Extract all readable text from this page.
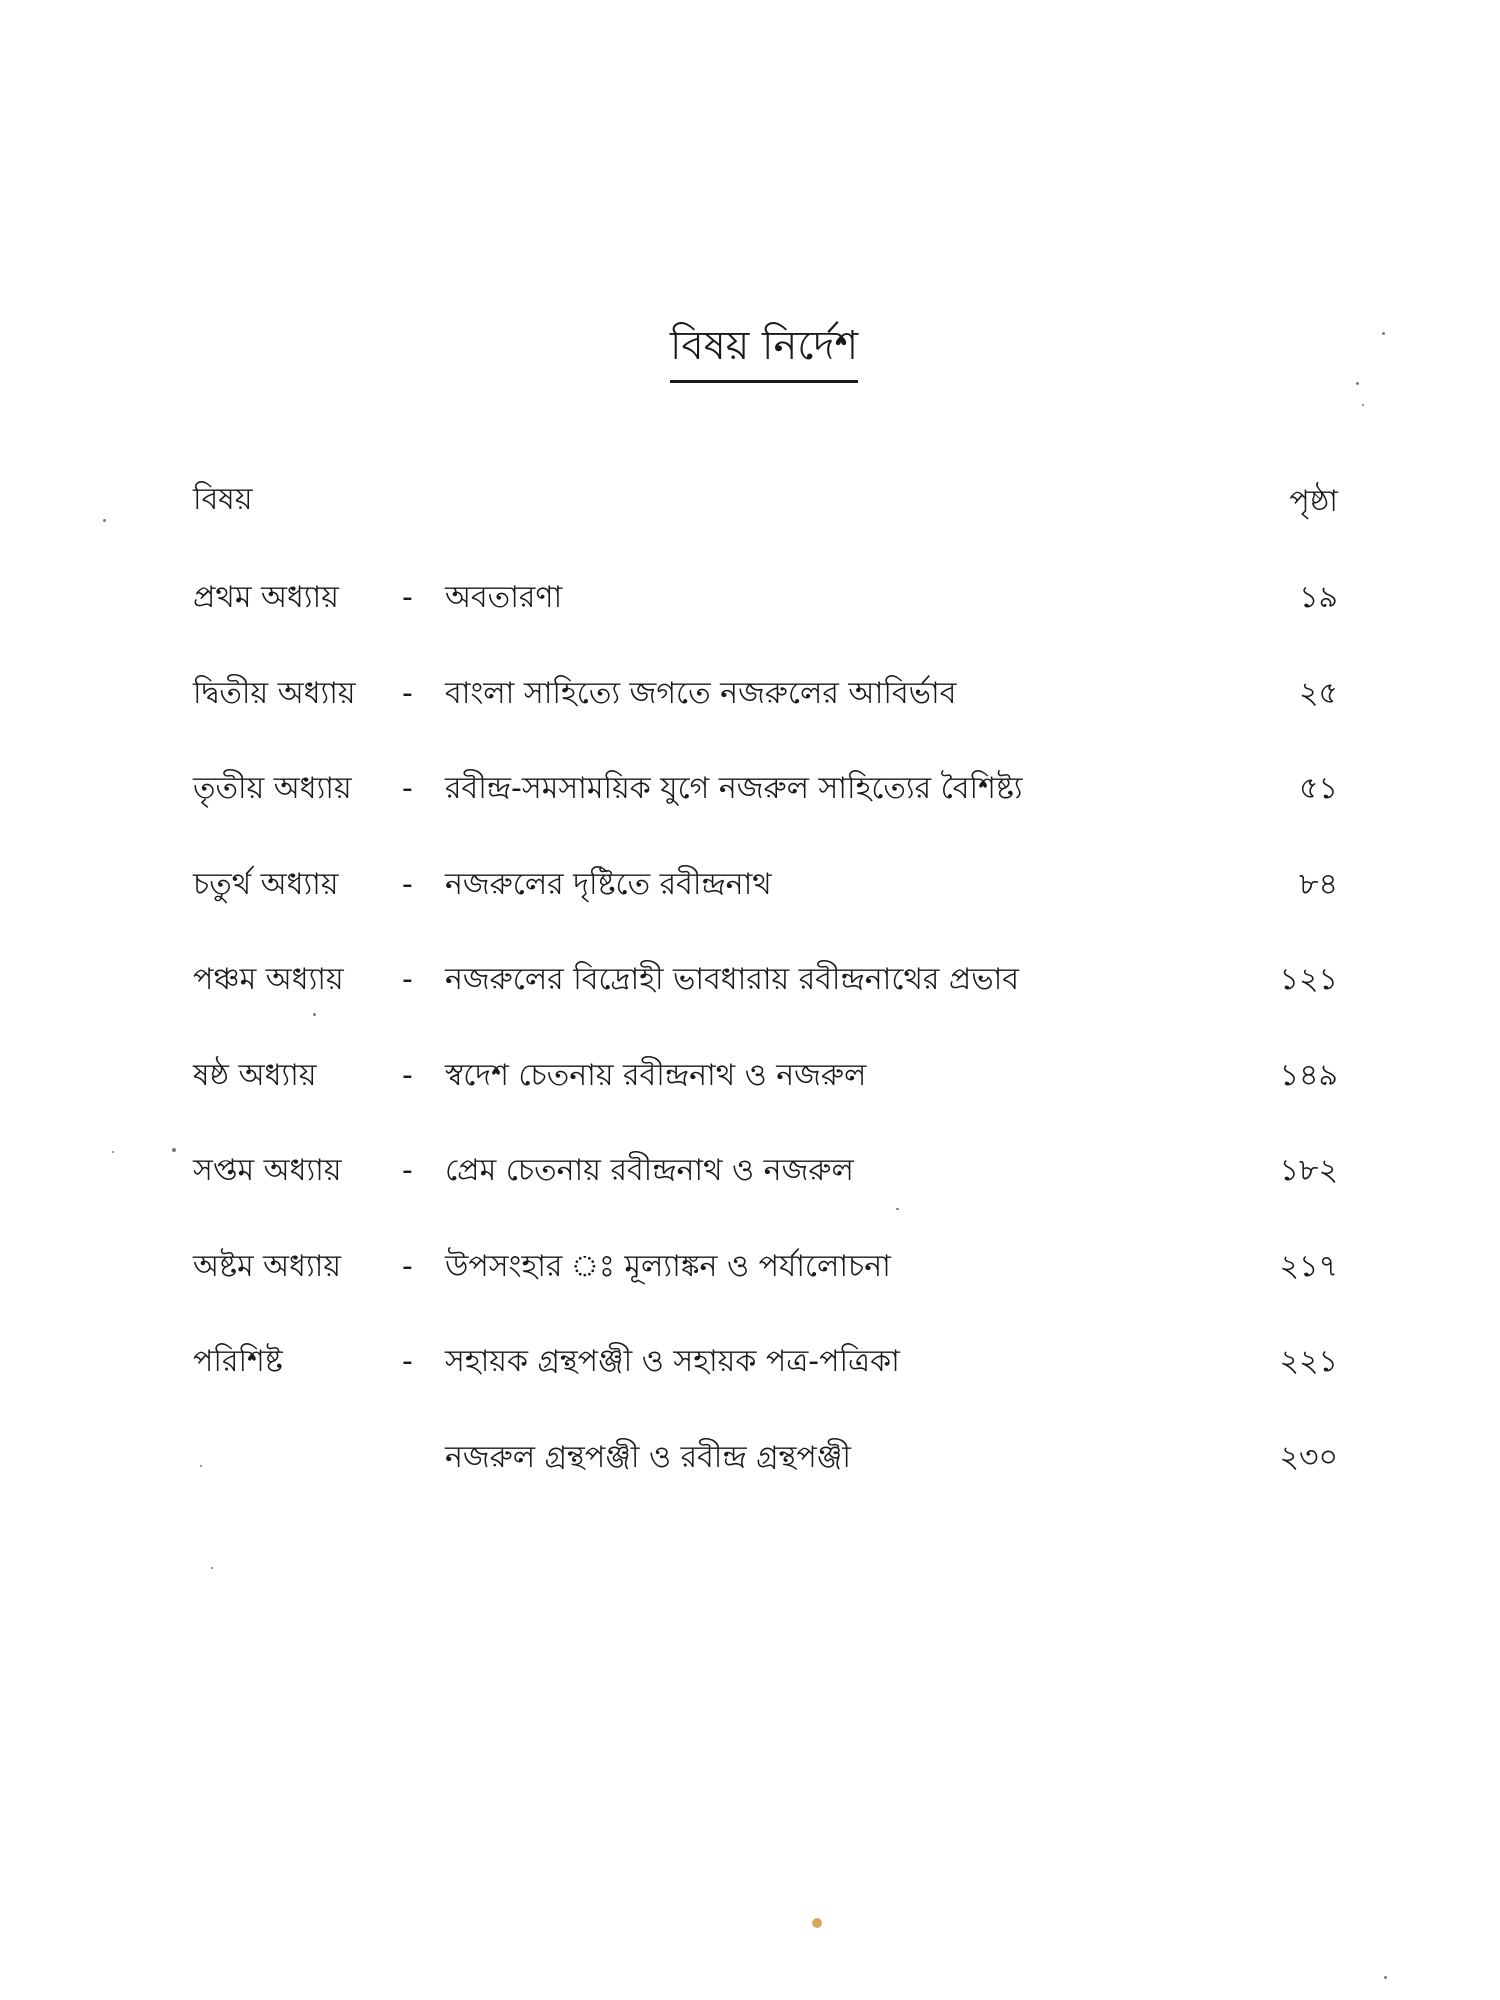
বিষয় নির্দেশ
বিষয়	পৃষ্ঠা
প্রথম অধ্যায় - অবতারণা	১৯
দ্বিতীয় অধ্যায় - বাংলা সাহিত্যে জগতে নজরুলের আবির্ভাব	২৫
তৃতীয় অধ্যায় - রবীন্দ্র-সমসাময়িক যুগে নজরুল সাহিত্যের বৈশিষ্ট্য	৫১
চতুর্থ অধ্যায় - নজরুলের দৃষ্টিতে রবীন্দ্রনাথ	৮৪
পঞ্চম অধ্যায় - নজরুলের বিদ্রোহী ভাবধারায় রবীন্দ্রনাথের প্রভাব	১২১
ষষ্ঠ অধ্যায়	- স্বদেশ চেতনায় রবীন্দ্রনাথ ও নজরুল	১৪৯
সপ্তম অধ্যায় - প্রেম চেতনায় রবীন্দ্রনাথ ও নজরুল	১৮২
অষ্টম অধ্যায় - উপসংহার ঃ মূল্যাঙ্কন ও পর্যালোচনা	২১৭
পরিশিষ্ট	- সহায়ক গ্রন্থপঞ্জী ও সহায়ক পত্র-পত্রিকা	২২১
নজরুল গ্রন্থপঞ্জী ও রবীন্দ্র গ্রন্থপঞ্জী	২৩০
